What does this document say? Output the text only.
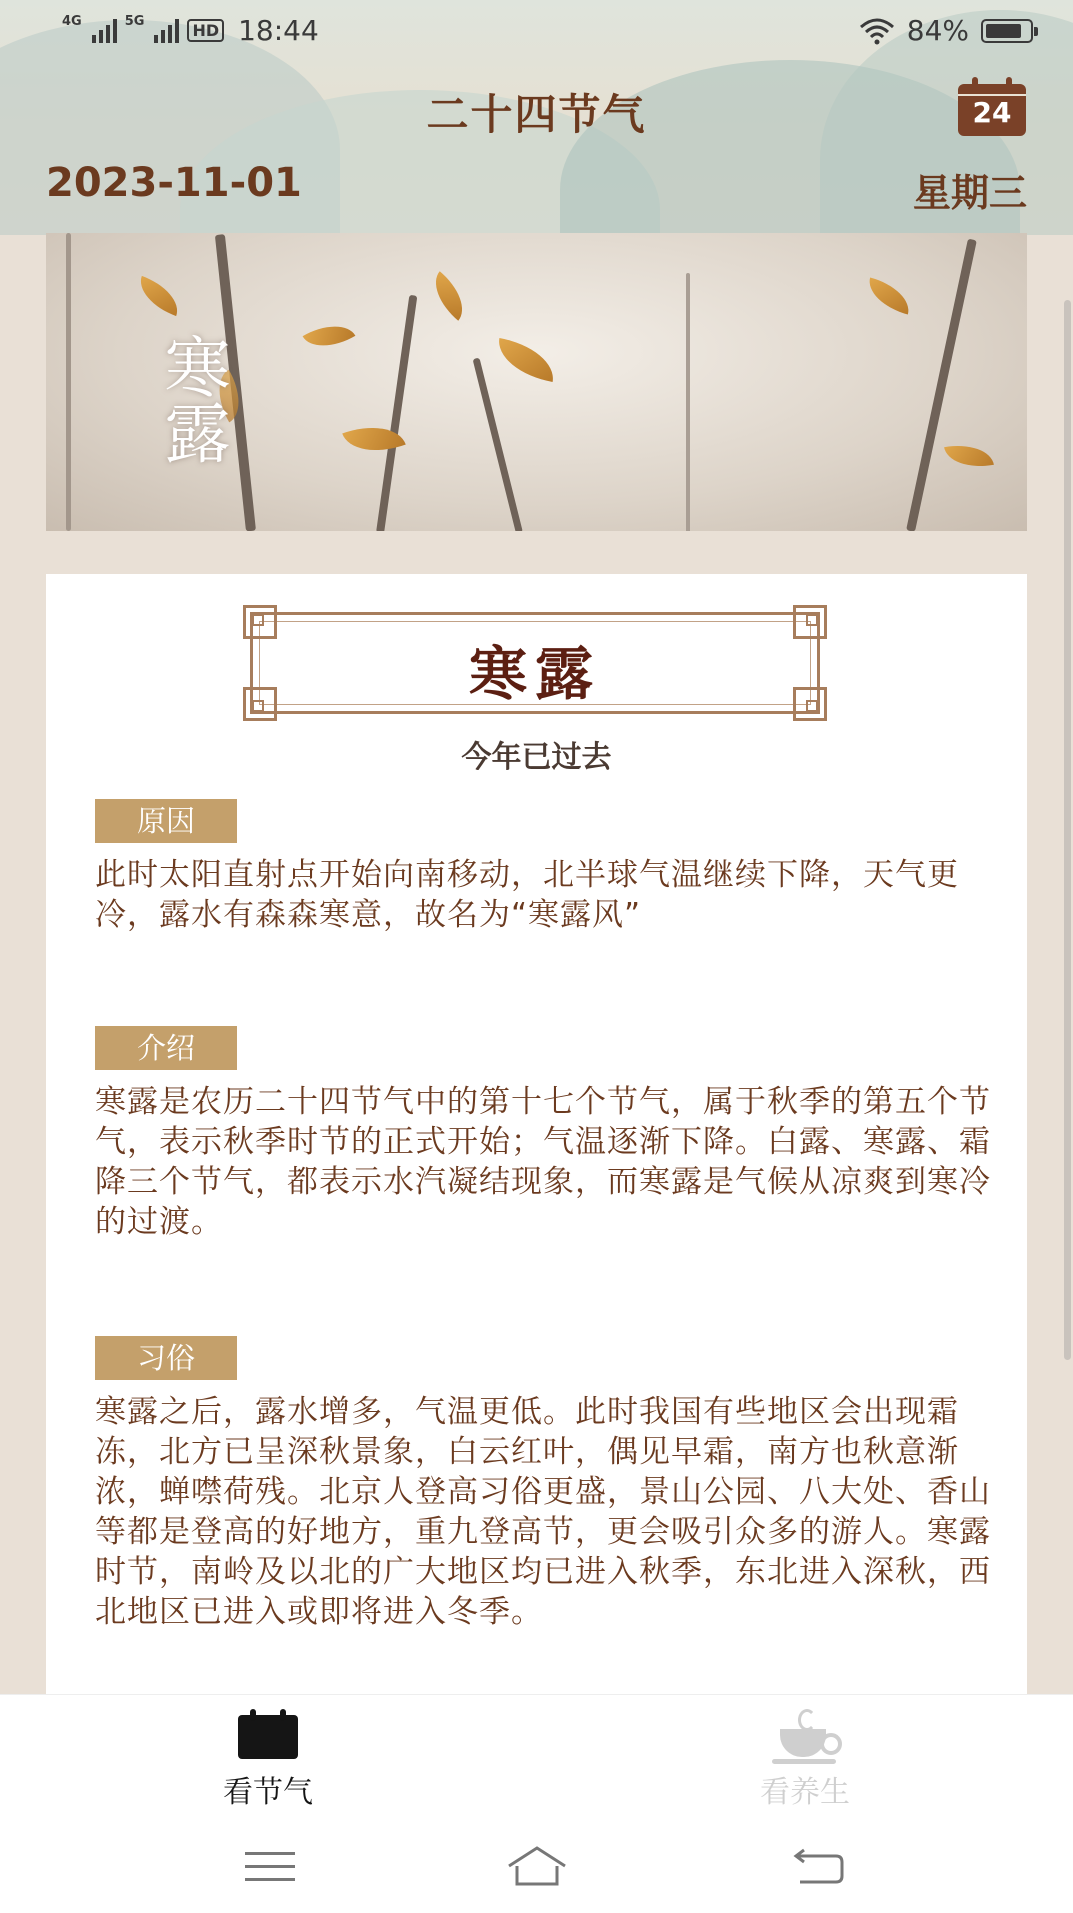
4G	5G	HD 18:44	84%
二十四节气	24
2023-11-01	星期三
寒露
寒露
今年已过去
原因

此时太阳直射点开始向南移动，北半球气温继续下降，天气更冷，露水有森森寒意，故名为“寒露风”

介绍

寒露是农历二十四节气中的第十七个节气，属于秋季的第五个节气，表示秋季时节的正式开始；气温逐渐下降。白露、寒露、霜降三个节气，都表示水汽凝结现象，而寒露是气候从凉爽到寒冷的过渡。

习俗

寒露之后，露水增多，气温更低。此时我国有些地区会出现霜冻，北方已呈深秋景象，白云红叶，偶见早霜，南方也秋意渐浓，蝉噤荷残。北京人登高习俗更盛，景山公园、八大处、香山等都是登高的好地方，重九登高节，更会吸引众多的游人。寒露时节，南岭及以北的广大地区均已进入秋季，东北进入深秋，西北地区已进入或即将进入冬季。

看节气	看养生
